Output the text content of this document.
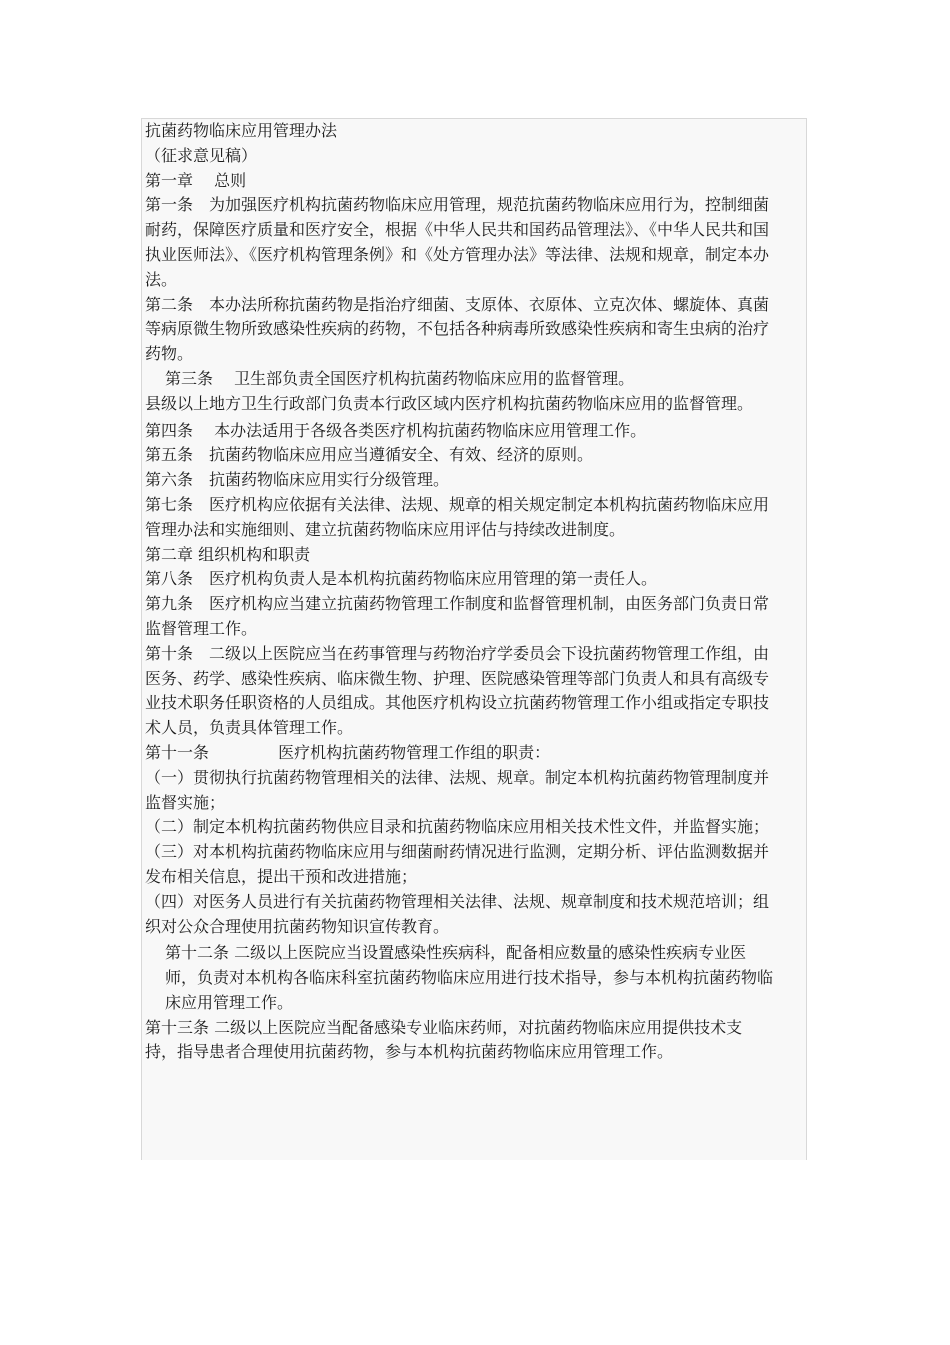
抗菌药物临床应用管理办法

（征求意见稿）

第一章　 总则

第一条　为加强医疗机构抗菌药物临床应用管理，规范抗菌药物临床应用行为，控制细菌耐药，保障医疗质量和医疗安全，根据《中华人民共和国药品管理法》、《中华人民共和国执业医师法》、《医疗机构管理条例》和《处方管理办法》等法律、法规和规章，制定本办法。

第二条　本办法所称抗菌药物是指治疗细菌、支原体、衣原体、立克次体、螺旋体、真菌等病原微生物所致感染性疾病的药物，不包括各种病毒所致感染性疾病和寄生虫病的治疗药物。

第三条　 卫生部负责全国医疗机构抗菌药物临床应用的监督管理。

县级以上地方卫生行政部门负责本行政区域内医疗机构抗菌药物临床应用的监督管理。

第四条　 本办法适用于各级各类医疗机构抗菌药物临床应用管理工作。

第五条　抗菌药物临床应用应当遵循安全、有效、经济的原则。

第六条　抗菌药物临床应用实行分级管理。

第七条　医疗机构应依据有关法律、法规、规章的相关规定制定本机构抗菌药物临床应用管理办法和实施细则、建立抗菌药物临床应用评估与持续改进制度。

第二章 组织机构和职责

第八条　医疗机构负责人是本机构抗菌药物临床应用管理的第一责任人。

第九条　医疗机构应当建立抗菌药物管理工作制度和监督管理机制，由医务部门负责日常监督管理工作。

第十条　二级以上医院应当在药事管理与药物治疗学委员会下设抗菌药物管理工作组，由医务、药学、感染性疾病、临床微生物、护理、医院感染管理等部门负责人和具有高级专业技术职务任职资格的人员组成。其他医疗机构设立抗菌药物管理工作小组或指定专职技术人员，负责具体管理工作。

第十一条　　　　 医疗机构抗菌药物管理工作组的职责：

（一）贯彻执行抗菌药物管理相关的法律、法规、规章。制定本机构抗菌药物管理制度并监督实施；

（二）制定本机构抗菌药物供应目录和抗菌药物临床应用相关技术性文件，并监督实施；

（三）对本机构抗菌药物临床应用与细菌耐药情况进行监测，定期分析、评估监测数据并发布相关信息，提出干预和改进措施；

（四）对医务人员进行有关抗菌药物管理相关法律、法规、规章制度和技术规范培训；组织对公众合理使用抗菌药物知识宣传教育。

第十二条 二级以上医院应当设置感染性疾病科，配备相应数量的感染性疾病专业医师，负责对本机构各临床科室抗菌药物临床应用进行技术指导，参与本机构抗菌药物临床应用管理工作。

第十三条 二级以上医院应当配备感染专业临床药师，对抗菌药物临床应用提供技术支持，指导患者合理使用抗菌药物，参与本机构抗菌药物临床应用管理工作。
